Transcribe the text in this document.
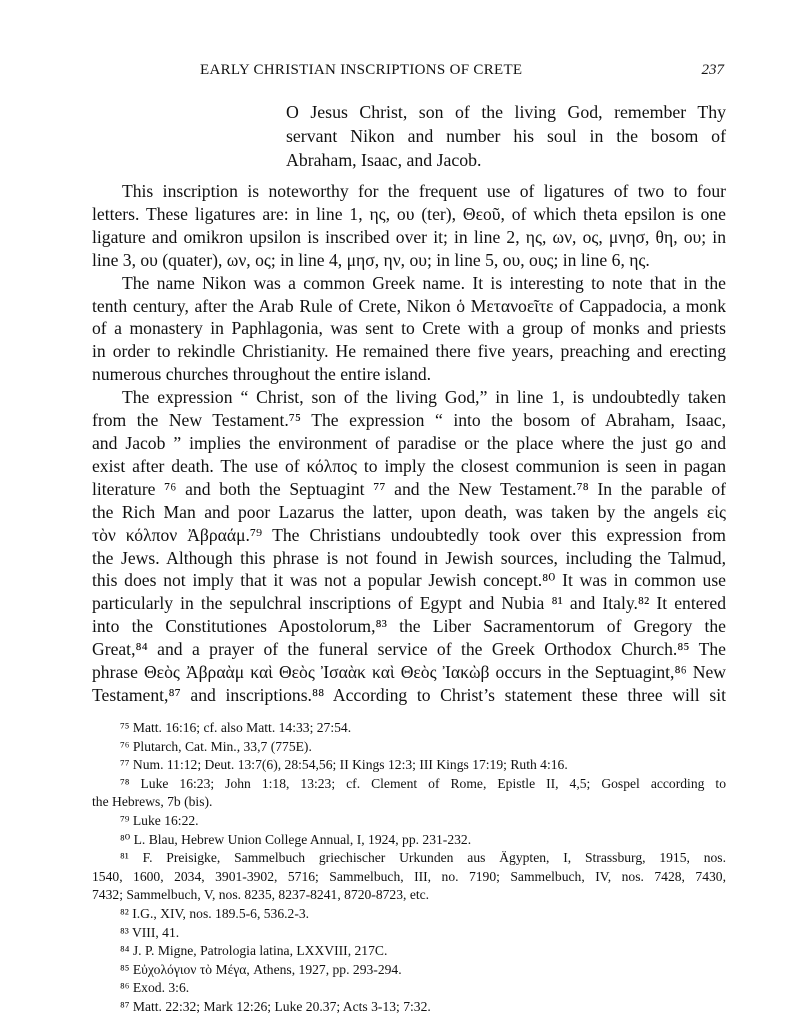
EARLY CHRISTIAN INSCRIPTIONS OF CRETE	237
O Jesus Christ, son of the living God, remember Thy
servant Nikon and number his soul in the bosom of
Abraham, Isaac, and Jacob.
This inscription is noteworthy for the frequent use of ligatures of two to four
letters. These ligatures are: in line 1, ης, ου (ter), Θεοῦ, of which theta epsilon is one
ligature and omikron upsilon is inscribed over it; in line 2, ης, ων, ος, μνησ, θη, ου; in
line 3, ου (quater), ων, ος; in line 4, μησ, ην, ου; in line 5, ου, ους; in line 6, ης.
The name Nikon was a common Greek name. It is interesting to note that in the
tenth century, after the Arab Rule of Crete, Nikon ὁ Μετανοεῖτε of Cappadocia, a monk
of a monastery in Paphlagonia, was sent to Crete with a group of monks and priests
in order to rekindle Christianity. He remained there five years, preaching and erecting
numerous churches throughout the entire island.
The expression “ Christ, son of the living God,” in line 1, is undoubtedly taken
from the New Testament.⁷⁵ The expression “ into the bosom of Abraham, Isaac,
and Jacob ” implies the environment of paradise or the place where the just go and
exist after death. The use of κόλπος to imply the closest communion is seen in pagan
literature ⁷⁶ and both the Septuagint ⁷⁷ and the New Testament.⁷⁸ In the parable of
the Rich Man and poor Lazarus the latter, upon death, was taken by the angels εἰς
τὸν κόλπον Ἀβραάμ.⁷⁹ The Christians undoubtedly took over this expression from
the Jews. Although this phrase is not found in Jewish sources, including the Talmud,
this does not imply that it was not a popular Jewish concept.⁸⁰ It was in common use
particularly in the sepulchral inscriptions of Egypt and Nubia ⁸¹ and Italy.⁸² It entered
into the Constitutiones Apostolorum,⁸³ the Liber Sacramentorum of Gregory the
Great,⁸⁴ and a prayer of the funeral service of the Greek Orthodox Church.⁸⁵ The
phrase Θεὸς Ἀβραὰμ καὶ Θεὸς Ἰσαὰκ καὶ Θεὸς Ἰακὼβ occurs in the Septuagint,⁸⁶ New
Testament,⁸⁷ and inscriptions.⁸⁸ According to Christ’s statement these three will sit
⁷⁵ Matt. 16:16; cf. also Matt. 14:33; 27:54.
⁷⁶ Plutarch, Cat. Min., 33,7 (775E).
⁷⁷ Num. 11:12; Deut. 13:7(6), 28:54,56; II Kings 12:3; III Kings 17:19; Ruth 4:16.
⁷⁸ Luke 16:23; John 1:18, 13:23; cf. Clement of Rome, Epistle II, 4,5; Gospel according to
the Hebrews, 7b (bis).
⁷⁹ Luke 16:22.
⁸⁰ L. Blau, Hebrew Union College Annual, I, 1924, pp. 231-232.
⁸¹ F. Preisigke, Sammelbuch griechischer Urkunden aus Ägypten, I, Strassburg, 1915, nos.
1540, 1600, 2034, 3901-3902, 5716; Sammelbuch, III, no. 7190; Sammelbuch, IV, nos. 7428, 7430,
7432; Sammelbuch, V, nos. 8235, 8237-8241, 8720-8723, etc.
⁸² I.G., XIV, nos. 189.5-6, 536.2-3.
⁸³ VIII, 41.
⁸⁴ J. P. Migne, Patrologia latina, LXXVIII, 217C.
⁸⁵ Εὐχολόγιον τὸ Μέγα, Athens, 1927, pp. 293-294.
⁸⁶ Exod. 3:6.
⁸⁷ Matt. 22:32; Mark 12:26; Luke 20.37; Acts 3-13; 7:32.
